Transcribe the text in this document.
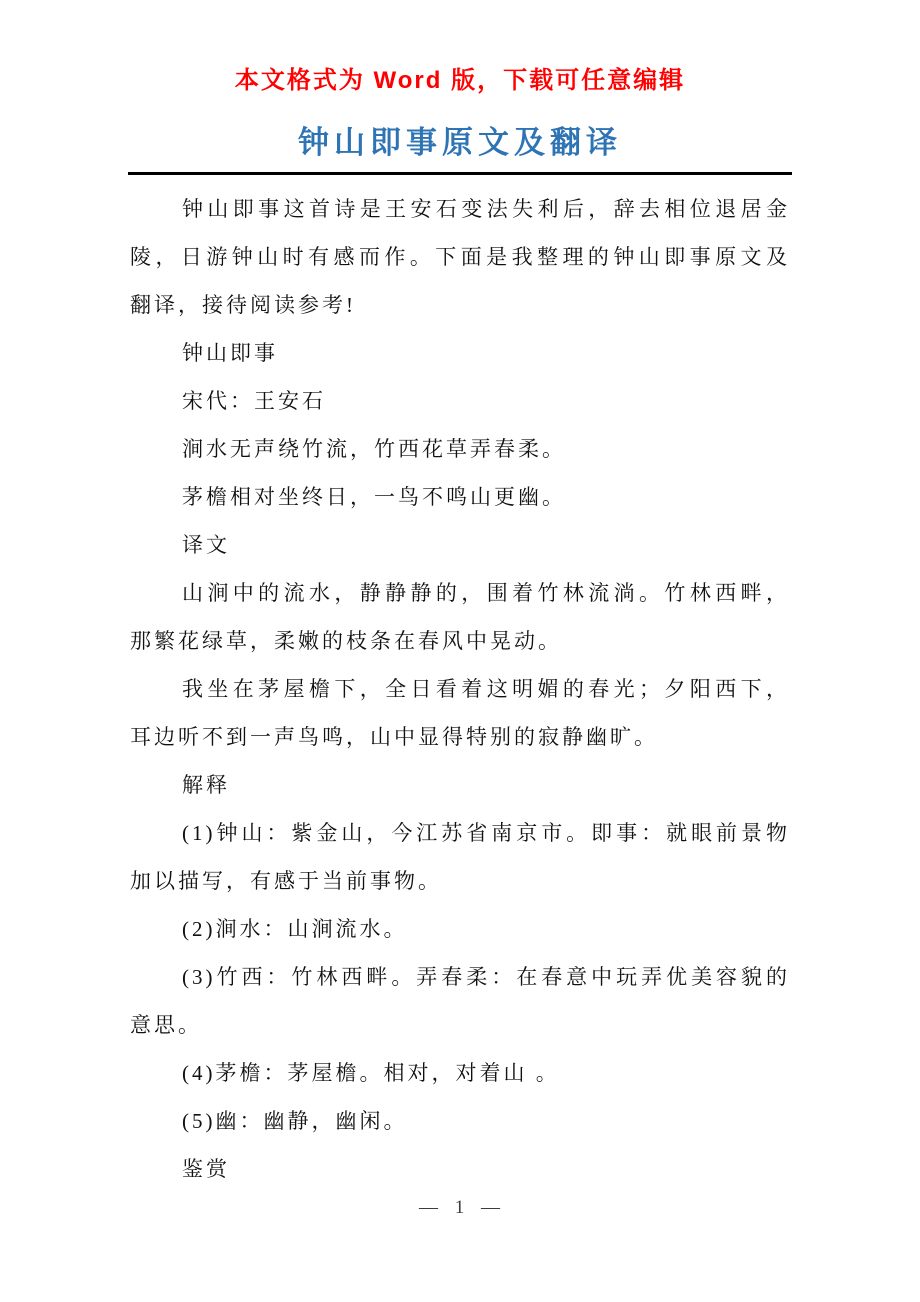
本文格式为 Word 版，下载可任意编辑
钟山即事原文及翻译
钟山即事这首诗是王安石变法失利后，辞去相位退居金
陵，日游钟山时有感而作。下面是我整理的钟山即事原文及
翻译，接待阅读参考!
钟山即事
宋代：王安石
涧水无声绕竹流，竹西花草弄春柔。
茅檐相对坐终日，一鸟不鸣山更幽。
译文
山涧中的流水，静静静的，围着竹林流淌。竹林西畔，
那繁花绿草，柔嫩的枝条在春风中晃动。
我坐在茅屋檐下，全日看着这明媚的春光；夕阳西下，
耳边听不到一声鸟鸣，山中显得特别的寂静幽旷。
解释
(1)钟山：紫金山，今江苏省南京市。即事：就眼前景物
加以描写，有感于当前事物。
(2)涧水：山涧流水。
(3)竹西：竹林西畔。弄春柔：在春意中玩弄优美容貌的
意思。
(4)茅檐：茅屋檐。相对，对着山 。
(5)幽：幽静，幽闲。
鉴赏
— 1 —
